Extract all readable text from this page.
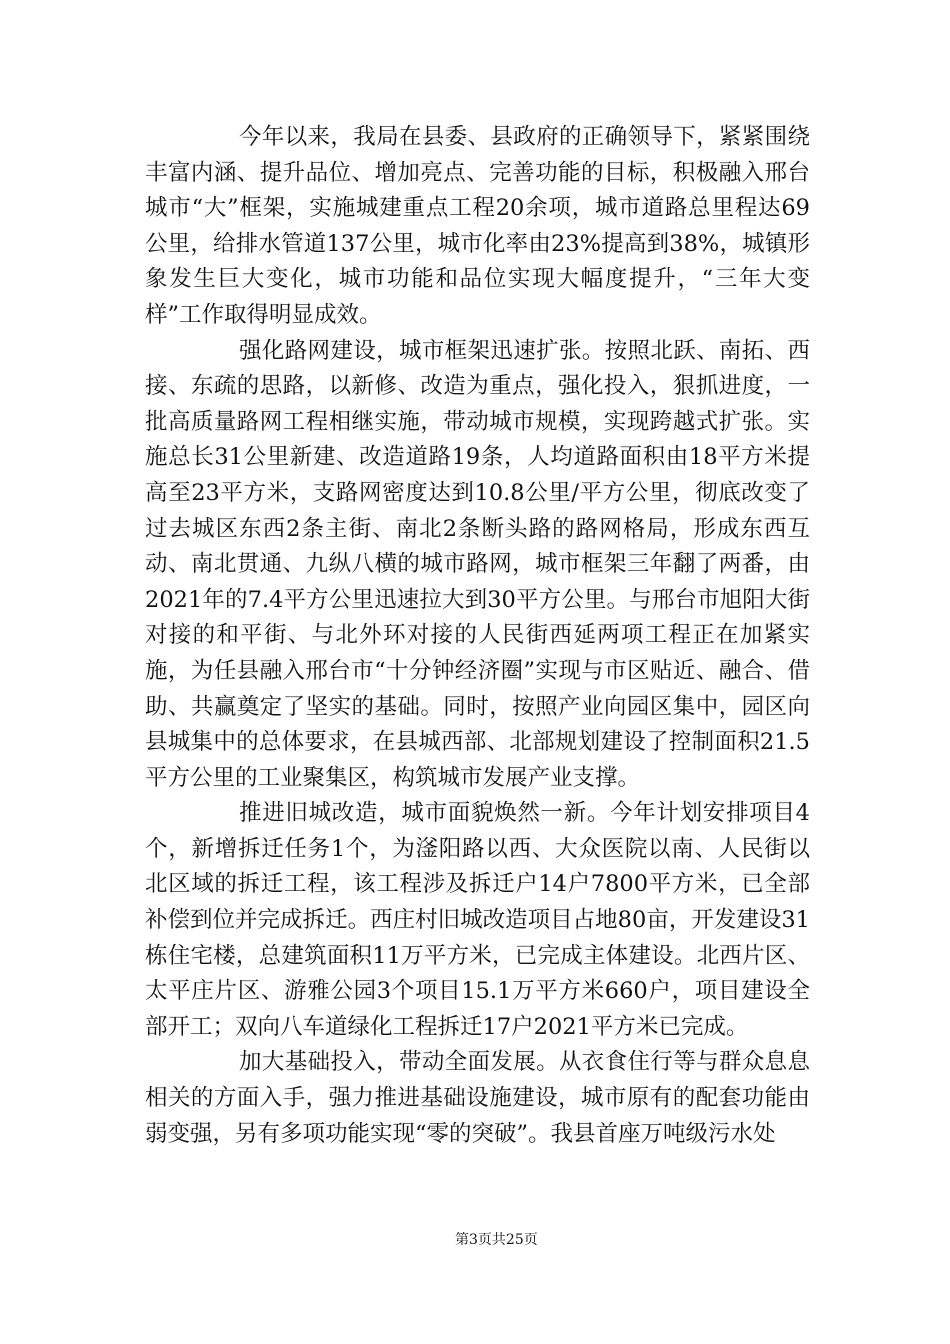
今年以来，我局在县委、县政府的正确领导下，紧紧围绕丰富内涵、提升品位、增加亮点、完善功能的目标，积极融入邢台城市“大”框架，实施城建重点工程20余项，城市道路总里程达69公里，给排水管道137公里，城市化率由23%提高到38%，城镇形象发生巨大变化，城市功能和品位实现大幅度提升，“三年大变样”工作取得明显成效。

强化路网建设，城市框架迅速扩张。按照北跃、南拓、西接、东疏的思路，以新修、改造为重点，强化投入，狠抓进度，一批高质量路网工程相继实施，带动城市规模，实现跨越式扩张。实施总长31公里新建、改造道路19条，人均道路面积由18平方米提高至23平方米，支路网密度达到10.8公里/平方公里，彻底改变了过去城区东西2条主街、南北2条断头路的路网格局，形成东西互动、南北贯通、九纵八横的城市路网，城市框架三年翻了两番，由2021年的7.4平方公里迅速拉大到30平方公里。与邢台市旭阳大街对接的和平街、与北外环对接的人民街西延两项工程正在加紧实施，为任县融入邢台市“十分钟经济圈”实现与市区贴近、融合、借助、共赢奠定了坚实的基础。同时，按照产业向园区集中，园区向县城集中的总体要求，在县城西部、北部规划建设了控制面积21.5平方公里的工业聚集区，构筑城市发展产业支撑。

推进旧城改造，城市面貌焕然一新。今年计划安排项目4个，新增拆迁任务1个，为滏阳路以西、大众医院以南、人民街以北区域的拆迁工程，该工程涉及拆迁户14户7800平方米，已全部补偿到位并完成拆迁。西庄村旧城改造项目占地80亩，开发建设31栋住宅楼，总建筑面积11万平方米，已完成主体建设。北西片区、太平庄片区、游雅公园3个项目15.1万平方米660户，项目建设全部开工；双向八车道绿化工程拆迁17户2021平方米已完成。

加大基础投入，带动全面发展。从衣食住行等与群众息息相关的方面入手，强力推进基础设施建设，城市原有的配套功能由弱变强，另有多项功能实现“零的突破”。我县首座万吨级污水处

第3页共25页
